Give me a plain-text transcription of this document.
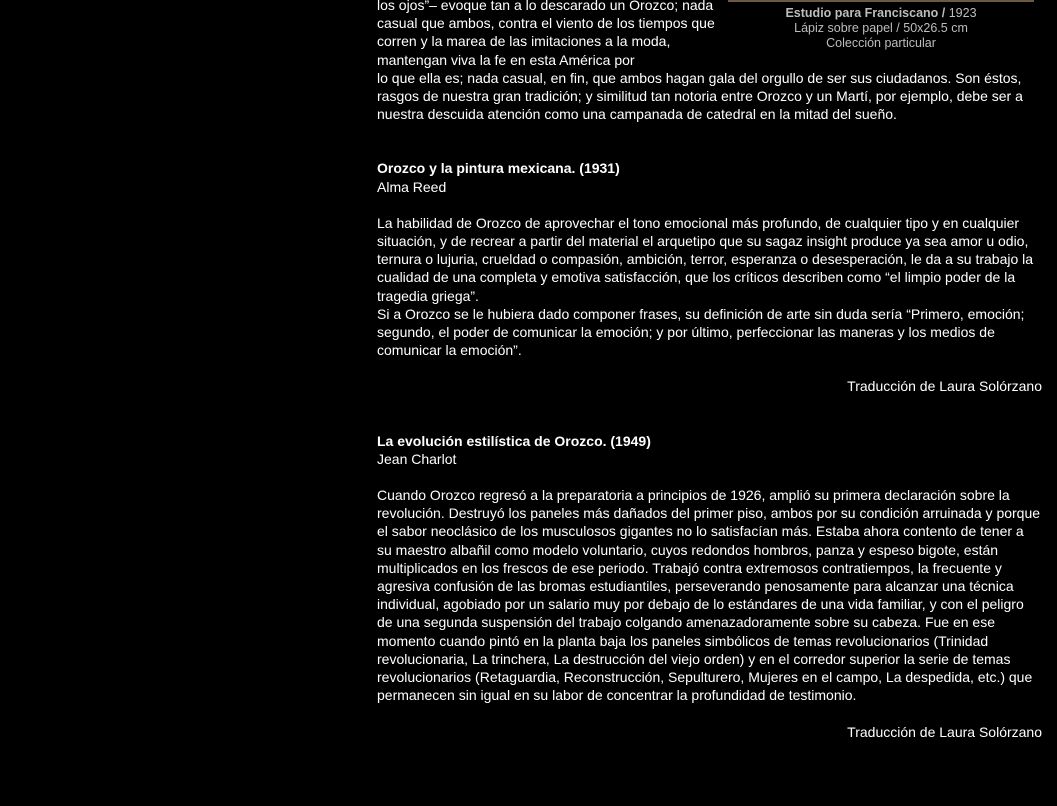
Estudio para Franciscano / 1923
Lápiz sobre papel / 50x26.5 cm
Colección particular

los ojos”– evoque tan a lo descarado un Orozco; nada casual que ambos, contra el viento de los tiempos que corren y la marea de las imitaciones a la moda, mantengan viva la fe en esta América por

lo que ella es; nada casual, en fin, que ambos hagan gala del orgullo de ser sus ciudadanos. Son éstos, rasgos de nuestra gran tradición; y similitud tan notoria entre Orozco y un Martí, por ejemplo, debe ser a nuestra descuida atención como una campanada de catedral en la mitad del sueño.

Orozco y la pintura mexicana. (1931)

Alma Reed

La habilidad de Orozco de aprovechar el tono emocional más profundo, de cualquier tipo y en cualquier situación, y de recrear a partir del material el arquetipo que su sagaz insight produce ya sea amor u odio, ternura o lujuria, crueldad o compasión, ambición, terror, esperanza o desesperación, le da a su trabajo la cualidad de una completa y emotiva satisfacción, que los críticos describen como “el limpio poder de la tragedia griega”.

Si a Orozco se le hubiera dado componer frases, su definición de arte sin duda sería “Primero, emoción; segundo, el poder de comunicar la emoción; y por último, perfeccionar las maneras y los medios de comunicar la emoción”.

Traducción de Laura Solórzano

La evolución estilística de Orozco. (1949)

Jean Charlot

Cuando Orozco regresó a la preparatoria a principios de 1926, amplió su primera declaración sobre la revolución. Destruyó los paneles más dañados del primer piso, ambos por su condición arruinada y porque el sabor neoclásico de los musculosos gigantes no lo satisfacían más. Estaba ahora contento de tener a su maestro albañil como modelo voluntario, cuyos redondos hombros, panza y espeso bigote, están multiplicados en los frescos de ese periodo. Trabajó contra extremosos contratiempos, la frecuente y agresiva confusión de las bromas estudiantiles, perseverando penosamente para alcanzar una técnica individual, agobiado por un salario muy por debajo de lo estándares de una vida familiar, y con el peligro de una segunda suspensión del trabajo colgando amenazadoramente sobre su cabeza. Fue en ese momento cuando pintó en la planta baja los paneles simbólicos de temas revolucionarios (Trinidad revolucionaria, La trinchera, La destrucción del viejo orden) y en el corredor superior la serie de temas revolucionarios (Retaguardia, Reconstrucción, Sepulturero, Mujeres en el campo, La despedida, etc.) que permanecen sin igual en su labor de concentrar la profundidad de testimonio.

Traducción de Laura Solórzano
